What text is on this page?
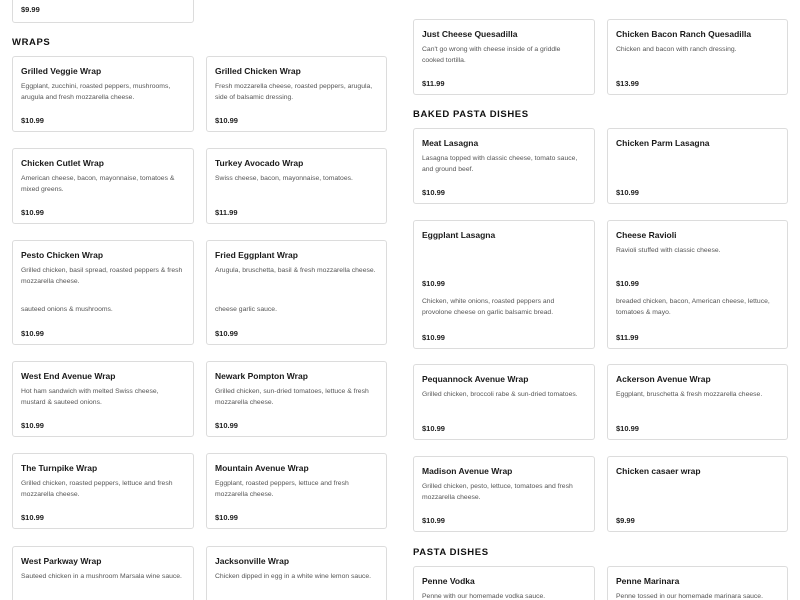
$9.99
WRAPS
Grilled Veggie Wrap
Eggplant, zucchini, roasted peppers, mushrooms, arugula and fresh mozzarella cheese.
$10.99
Grilled Chicken Wrap
Fresh mozzarella cheese, roasted peppers, arugula, side of balsamic dressing.
$10.99
Chicken Cutlet Wrap
American cheese, bacon, mayonnaise, tomatoes & mixed greens.
$10.99
Turkey Avocado Wrap
Swiss cheese, bacon, mayonnaise, tomatoes.
$11.99
Pesto Chicken Wrap
Grilled chicken, basil spread, roasted peppers & fresh mozzarella cheese.
sauteed onions & mushrooms.
$10.99
Fried Eggplant Wrap
Arugula, bruschetta, basil & fresh mozzarella cheese.
cheese garlic sauce.
$10.99
West End Avenue Wrap
Hot ham sandwich with melted Swiss cheese, mustard & sauteed onions.
$10.99
Newark Pompton Wrap
Grilled chicken, sun-dried tomatoes, lettuce & fresh mozzarella cheese.
$10.99
The Turnpike Wrap
Grilled chicken, roasted peppers, lettuce and fresh mozzarella cheese.
$10.99
Mountain Avenue Wrap
Eggplant, roasted peppers, lettuce and fresh mozzarella cheese.
$10.99
West Parkway Wrap
Sauteed chicken in a mushroom Marsala wine sauce.
Jacksonville Wrap
Chicken dipped in egg in a white wine lemon sauce.
Just Cheese Quesadilla
Can't go wrong with cheese inside of a griddle cooked tortilla.
$11.99
Chicken Bacon Ranch Quesadilla
Chicken and bacon with ranch dressing.
$13.99
BAKED PASTA DISHES
Meat Lasagna
Lasagna topped with classic cheese, tomato sauce, and ground beef.
$10.99
Chicken Parm Lasagna
$10.99
Eggplant Lasagna
$10.99
Chicken, white onions, roasted peppers and provolone cheese on garlic balsamic bread.
$10.99
Cheese Ravioli
Ravioli stuffed with classic cheese.
$10.99
breaded chicken, bacon, American cheese, lettuce, tomatoes & mayo.
$11.99
Pequannock Avenue Wrap
Grilled chicken, broccoli rabe & sun-dried tomatoes.
$10.99
Ackerson Avenue Wrap
Eggplant, bruschetta & fresh mozzarella cheese.
$10.99
Madison Avenue Wrap
Grilled chicken, pesto, lettuce, tomatoes and fresh mozzarella cheese.
$10.99
Chicken casaer wrap
$9.99
PASTA DISHES
Penne Vodka
Penne with our homemade vodka sauce.
Penne Marinara
Penne tossed in our homemade marinara sauce.
